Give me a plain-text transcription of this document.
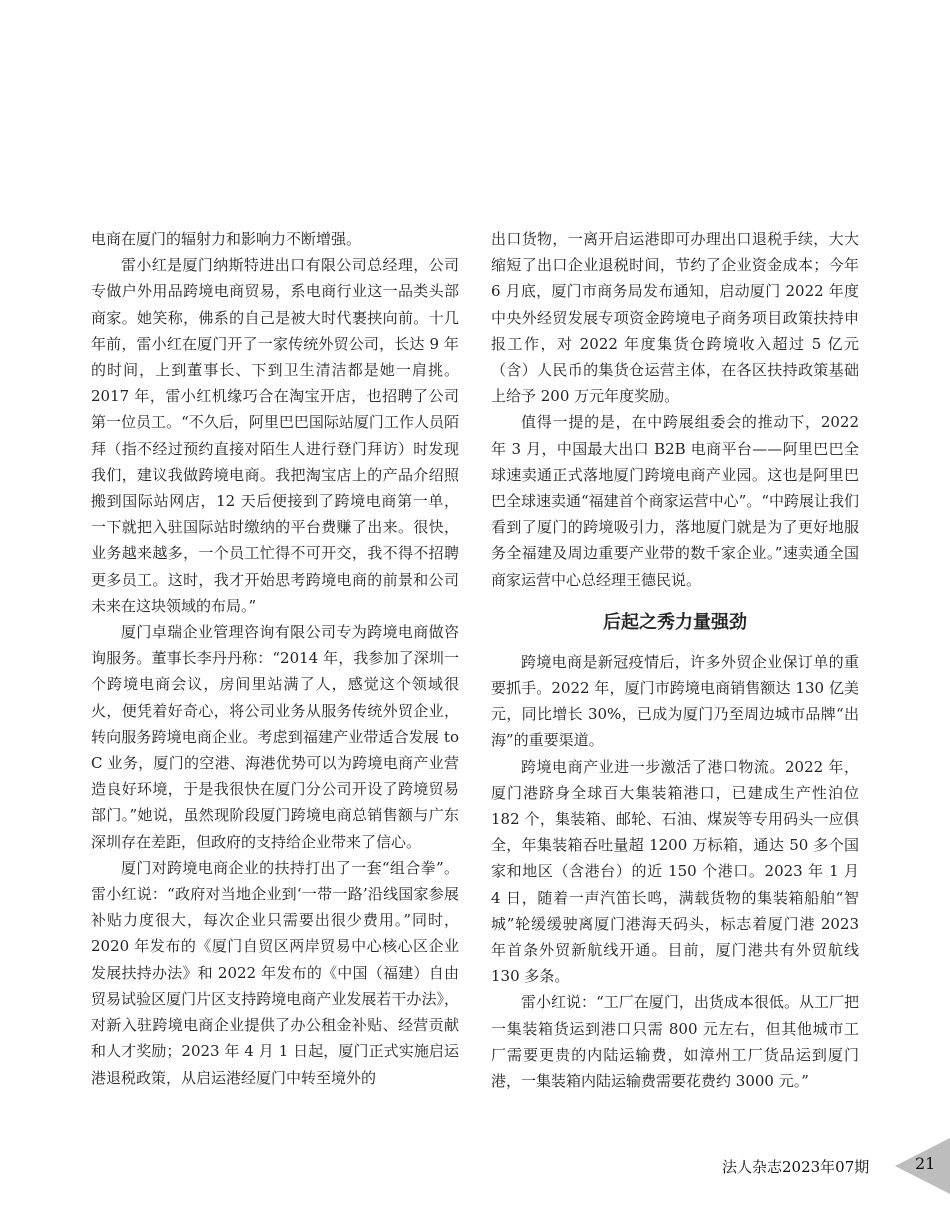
电商在厦门的辐射力和影响力不断增强。

雷小红是厦门纳斯特进出口有限公司总经理，公司专做户外用品跨境电商贸易，系电商行业这一品类头部商家。她笑称，佛系的自己是被大时代裹挟向前。十几年前，雷小红在厦门开了一家传统外贸公司，长达 9 年的时间，上到董事长、下到卫生清洁都是她一肩挑。2017 年，雷小红机缘巧合在淘宝开店，也招聘了公司第一位员工。“不久后，阿里巴巴国际站厦门工作人员陌拜（指不经过预约直接对陌生人进行登门拜访）时发现我们，建议我做跨境电商。我把淘宝店上的产品介绍照搬到国际站网店，12 天后便接到了跨境电商第一单，一下就把入驻国际站时缴纳的平台费赚了出来。很快，业务越来越多，一个员工忙得不可开交，我不得不招聘更多员工。这时，我才开始思考跨境电商的前景和公司未来在这块领域的布局。”

厦门卓瑞企业管理咨询有限公司专为跨境电商做咨询服务。董事长李丹丹称：“2014 年，我参加了深圳一个跨境电商会议，房间里站满了人，感觉这个领域很火，便凭着好奇心，将公司业务从服务传统外贸企业，转向服务跨境电商企业。考虑到福建产业带适合发展 to C 业务，厦门的空港、海港优势可以为跨境电商产业营造良好环境，于是我很快在厦门分公司开设了跨境贸易部门。”她说，虽然现阶段厦门跨境电商总销售额与广东深圳存在差距，但政府的支持给企业带来了信心。

厦门对跨境电商企业的扶持打出了一套“组合拳”。雷小红说：“政府对当地企业到‘一带一路’沿线国家参展补贴力度很大，每次企业只需要出很少费用。”同时，2020 年发布的《厦门自贸区两岸贸易中心核心区企业发展扶持办法》和 2022 年发布的《中国（福建）自由贸易试验区厦门片区支持跨境电商产业发展若干办法》，对新入驻跨境电商企业提供了办公租金补贴、经营贡献和人才奖励；2023 年 4 月 1 日起，厦门正式实施启运港退税政策，从启运港经厦门中转至境外的

出口货物，一离开启运港即可办理出口退税手续，大大缩短了出口企业退税时间，节约了企业资金成本；今年 6 月底，厦门市商务局发布通知，启动厦门 2022 年度中央外经贸发展专项资金跨境电子商务项目政策扶持申报工作，对 2022 年度集货仓跨境收入超过 5 亿元（含）人民币的集货仓运营主体，在各区扶持政策基础上给予 200 万元年度奖励。

值得一提的是，在中跨展组委会的推动下，2022 年 3 月，中国最大出口 B2B 电商平台——阿里巴巴全球速卖通正式落地厦门跨境电商产业园。这也是阿里巴巴全球速卖通“福建首个商家运营中心”。“中跨展让我们看到了厦门的跨境吸引力，落地厦门就是为了更好地服务全福建及周边重要产业带的数千家企业。”速卖通全国商家运营中心总经理王德民说。

后起之秀力量强劲

跨境电商是新冠疫情后，许多外贸企业保订单的重要抓手。2022 年，厦门市跨境电商销售额达 130 亿美元，同比增长 30%，已成为厦门乃至周边城市品牌“出海”的重要渠道。

跨境电商产业进一步激活了港口物流。2022 年，厦门港跻身全球百大集装箱港口，已建成生产性泊位 182 个，集装箱、邮轮、石油、煤炭等专用码头一应俱全，年集装箱吞吐量超 1200 万标箱，通达 50 多个国家和地区（含港台）的近 150 个港口。2023 年 1 月 4 日，随着一声汽笛长鸣，满载货物的集装箱船舶“智城”轮缓缓驶离厦门港海天码头，标志着厦门港 2023 年首条外贸新航线开通。目前，厦门港共有外贸航线 130 多条。

雷小红说：“工厂在厦门，出货成本很低。从工厂把一集装箱货运到港口只需 800 元左右，但其他城市工厂需要更贵的内陆运输费，如漳州工厂货品运到厦门港，一集装箱内陆运输费需要花费约 3000 元。”

法人杂志2023年07期	21
